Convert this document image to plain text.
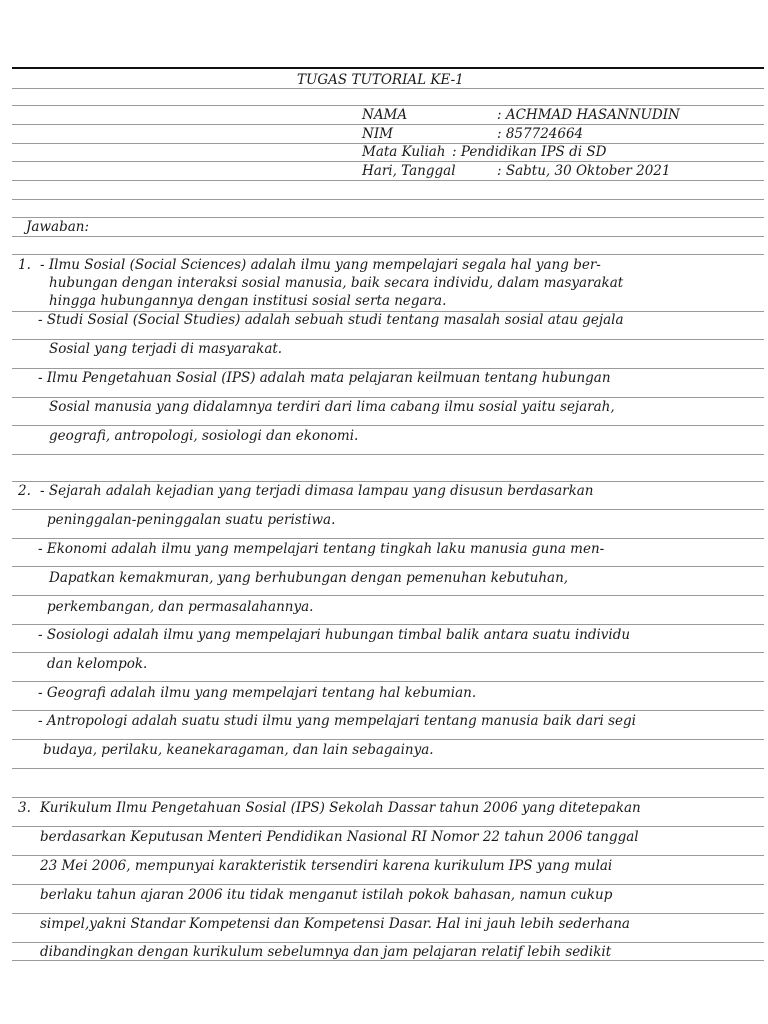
TUGAS TUTORIAL KE-1
NAMA	: ACHMAD HASANNUDIN
NIM	: 857724664
Mata Kuliah : Pendidikan IPS di SD
Hari, Tanggal	: Sabtu, 30 Oktober 2021
Jawaban:
1. - Ilmu Sosial (Social Sciences) adalah ilmu yang mempelajari segala hal yang ber-
hubungan dengan interaksi sosial manusia, baik secara individu, dalam masyarakat
hingga hubungannya dengan institusi sosial serta negara.
- Studi Sosial (Social Studies) adalah sebuah studi tentang masalah sosial atau gejala
Sosial yang terjadi di masyarakat.
- Ilmu Pengetahuan Sosial (IPS) adalah mata pelajaran keilmuan tentang hubungan
Sosial manusia yang didalamnya terdiri dari lima cabang ilmu sosial yaitu sejarah,
geografi, antropologi, sosiologi dan ekonomi.
2. - Sejarah adalah kejadian yang terjadi dimasa lampau yang disusun berdasarkan
peninggalan-peninggalan suatu peristiwa.
- Ekonomi adalah ilmu yang mempelajari tentang tingkah laku manusia guna men-
Dapatkan kemakmuran, yang berhubungan dengan pemenuhan kebutuhan,
perkembangan, dan permasalahannya.
- Sosiologi adalah ilmu yang mempelajari hubungan timbal balik antara suatu individu
dan kelompok.
- Geografi adalah ilmu yang mempelajari tentang hal kebumian.
- Antropologi adalah suatu studi ilmu yang mempelajari tentang manusia baik dari segi
budaya, perilaku, keanekaragaman, dan lain sebagainya.
3. Kurikulum Ilmu Pengetahuan Sosial (IPS) Sekolah Dassar tahun 2006 yang ditetepakan
berdasarkan Keputusan Menteri Pendidikan Nasional RI Nomor 22 tahun 2006 tanggal
23 Mei 2006, mempunyai karakteristik tersendiri karena kurikulum IPS yang mulai
berlaku tahun ajaran 2006 itu tidak menganut istilah pokok bahasan, namun cukup
simpel,yakni Standar Kompetensi dan Kompetensi Dasar. Hal ini jauh lebih sederhana
dibandingkan dengan kurikulum sebelumnya dan jam pelajaran relatif lebih sedikit
